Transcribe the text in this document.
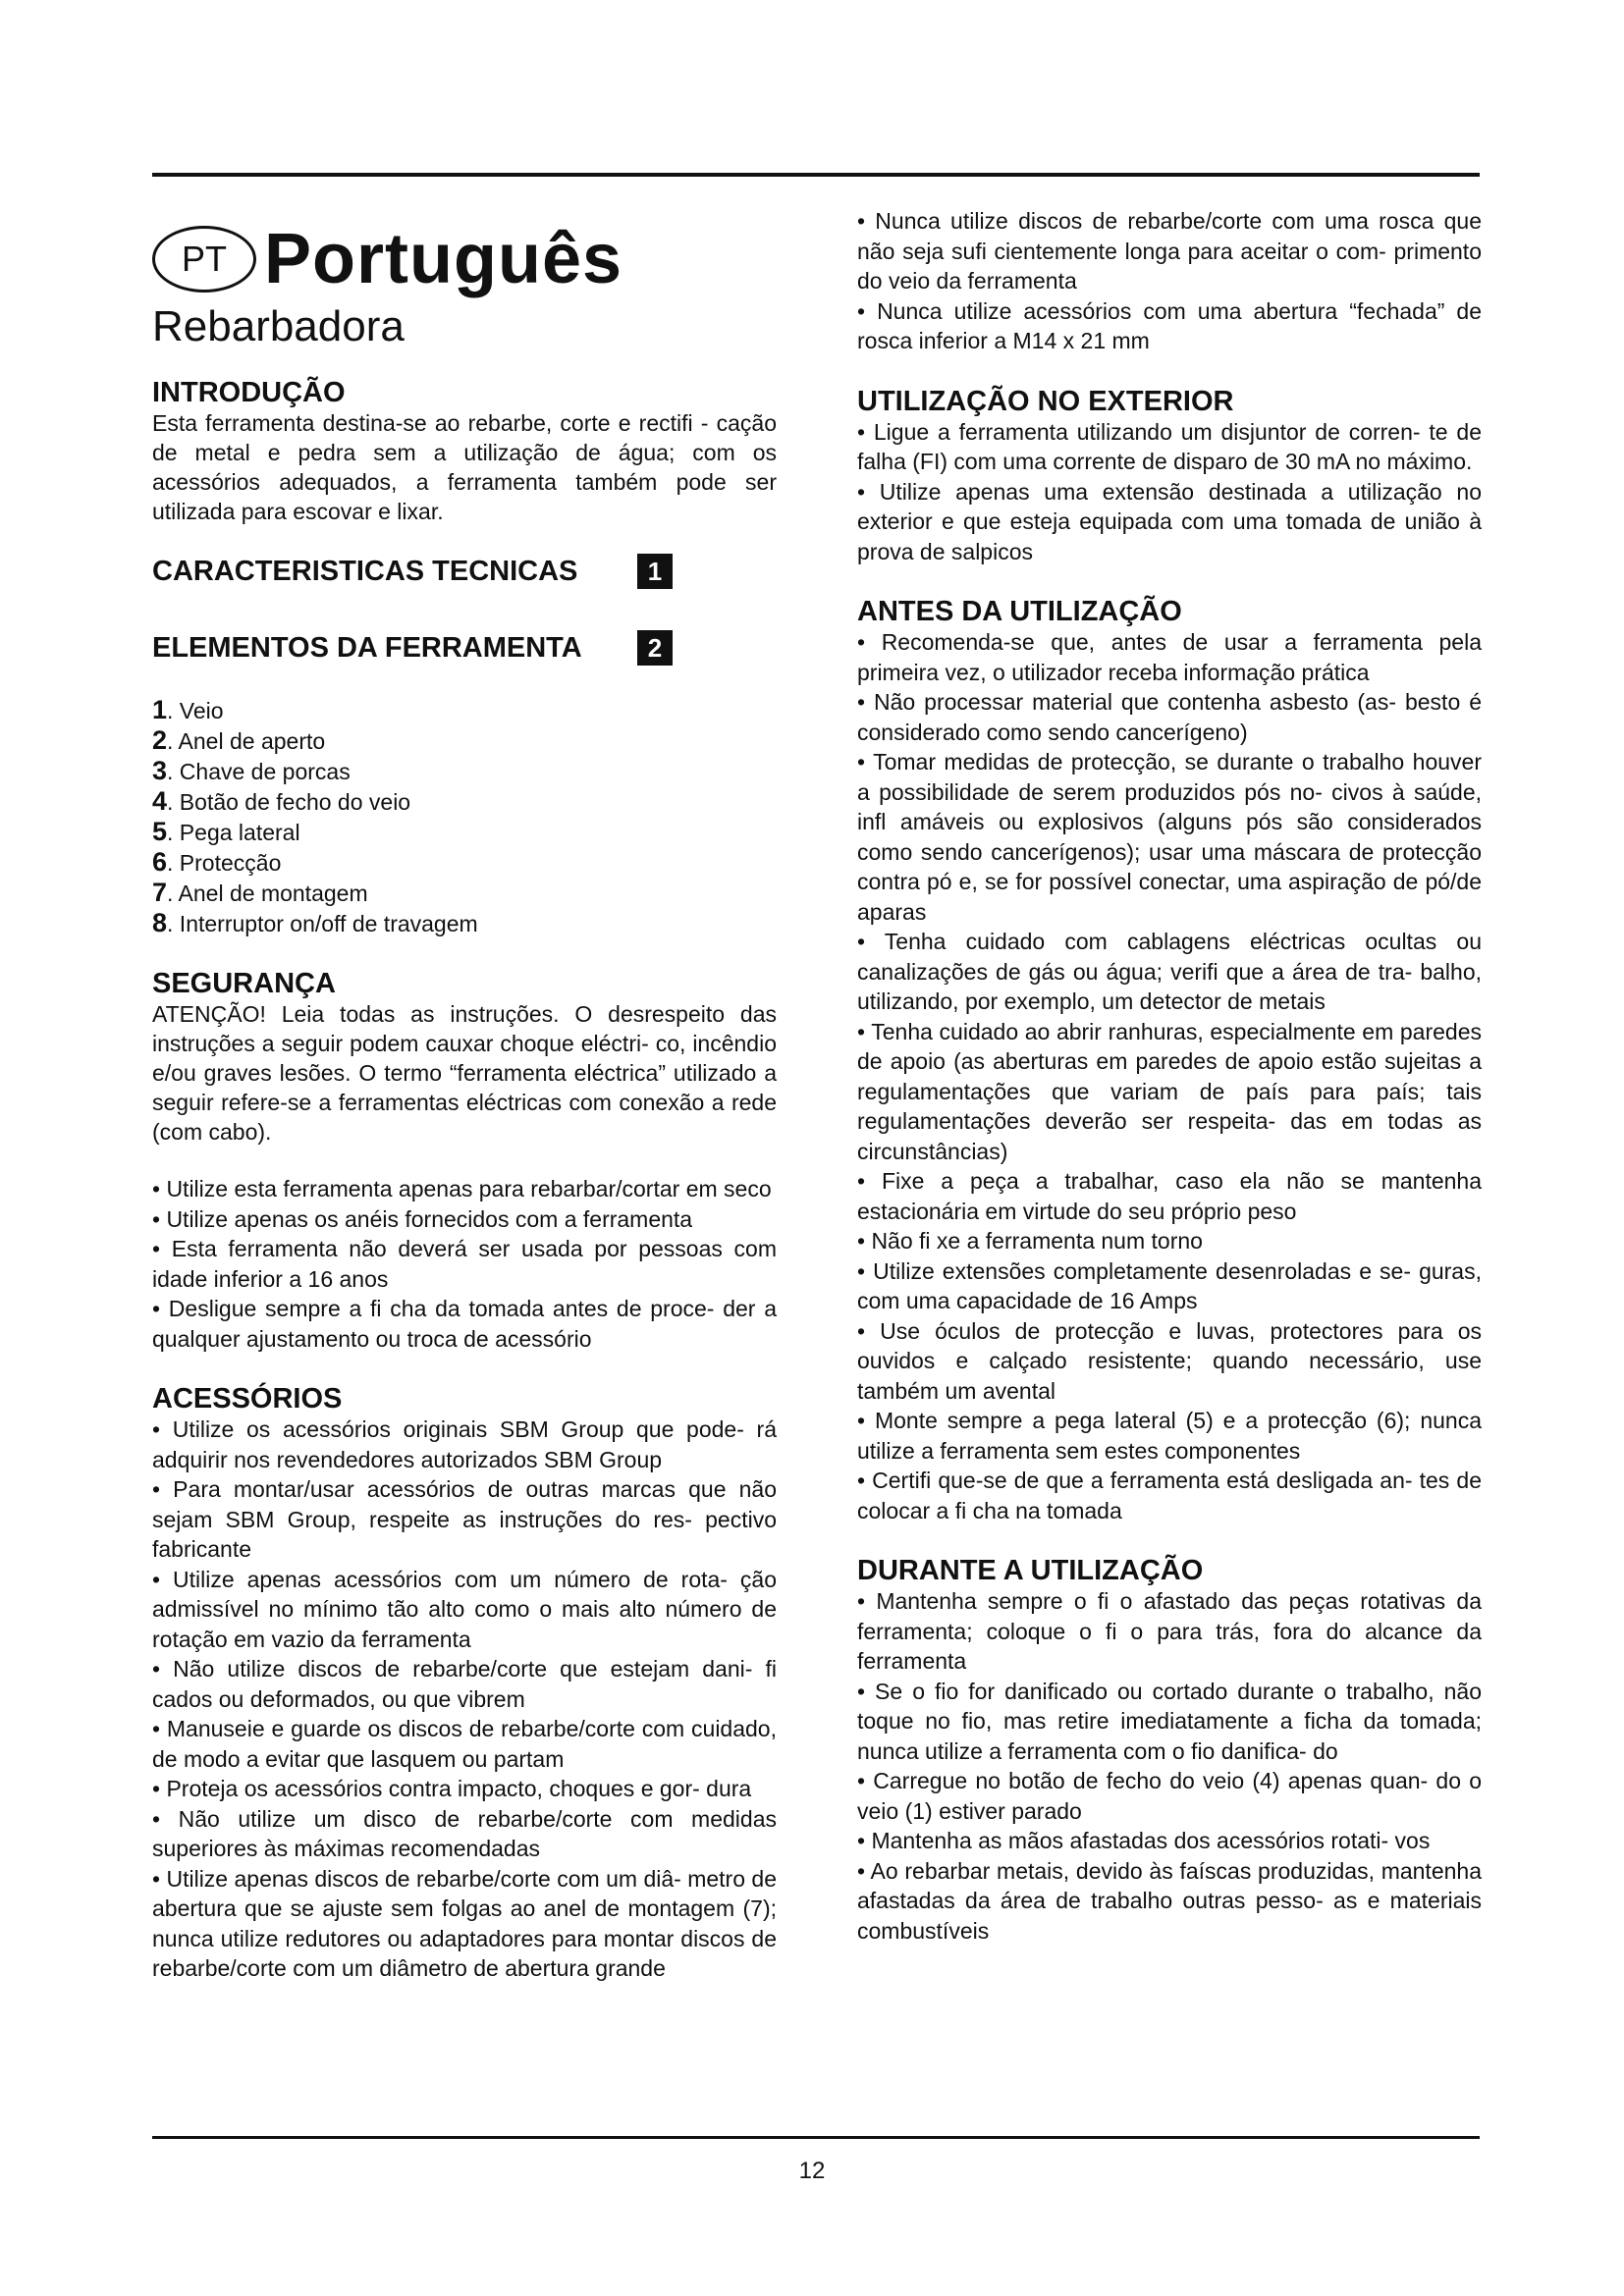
PT Português
Rebarbadora
INTRODUÇÃO

Esta ferramenta destina-se ao rebarbe, corte e rectifi - cação de metal e pedra sem a utilização de água; com os acessórios adequados, a ferramenta também pode ser utilizada para escovar e lixar.

CARACTERISTICAS TECNICAS	1
ELEMENTOS DA FERRAMENTA	2
1. Veio
2. Anel de aperto
3. Chave de porcas
4. Botão de fecho do veio
5. Pega lateral
6. Protecção
7. Anel de montagem
8. Interruptor on/off de travagem
SEGURANÇA

ATENÇÃO! Leia todas as instruções. O desrespeito das instruções a seguir podem cauxar choque eléctri- co, incêndio e/ou graves lesões. O termo “ferramenta eléctrica” utilizado a seguir refere-se a ferramentas eléctricas com conexão a rede (com cabo).

• Utilize esta ferramenta apenas para rebarbar/cortar em seco

• Utilize apenas os anéis fornecidos com a ferramenta

• Esta ferramenta não deverá ser usada por pessoas com idade inferior a 16 anos

• Desligue sempre a fi cha da tomada antes de proce- der a qualquer ajustamento ou troca de acessório

ACESSÓRIOS

• Utilize os acessórios originais SBM Group que pode- rá adquirir nos revendedores autorizados SBM Group

• Para montar/usar acessórios de outras marcas que não sejam SBM Group, respeite as instruções do res- pectivo fabricante

• Utilize apenas acessórios com um número de rota- ção admissível no mínimo tão alto como o mais alto número de rotação em vazio da ferramenta

• Não utilize discos de rebarbe/corte que estejam dani- fi cados ou deformados, ou que vibrem

• Manuseie e guarde os discos de rebarbe/corte com cuidado, de modo a evitar que lasquem ou partam

• Proteja os acessórios contra impacto, choques e gor- dura

• Não utilize um disco de rebarbe/corte com medidas superiores às máximas recomendadas

• Utilize apenas discos de rebarbe/corte com um diâ- metro de abertura que se ajuste sem folgas ao anel de montagem (7); nunca utilize redutores ou adaptadores para montar discos de rebarbe/corte com um diâmetro de abertura grande

• Nunca utilize discos de rebarbe/corte com uma rosca que não seja sufi cientemente longa para aceitar o com- primento do veio da ferramenta

• Nunca utilize acessórios com uma abertura “fechada” de rosca inferior a M14 x 21 mm

UTILIZAÇÃO NO EXTERIOR

• Ligue a ferramenta utilizando um disjuntor de corren- te de falha (FI) com uma corrente de disparo de 30 mA no máximo.

• Utilize apenas uma extensão destinada a utilização no exterior e que esteja equipada com uma tomada de união à prova de salpicos

ANTES DA UTILIZAÇÃO

• Recomenda-se que, antes de usar a ferramenta pela primeira vez, o utilizador receba informação prática

• Não processar material que contenha asbesto (as- besto é considerado como sendo cancerígeno)

• Tomar medidas de protecção, se durante o trabalho houver a possibilidade de serem produzidos pós no- civos à saúde, infl amáveis ou explosivos (alguns pós são considerados como sendo cancerígenos); usar uma máscara de protecção contra pó e, se for possível conectar, uma aspiração de pó/de aparas

• Tenha cuidado com cablagens eléctricas ocultas ou canalizações de gás ou água; verifi que a área de tra- balho, utilizando, por exemplo, um detector de metais

• Tenha cuidado ao abrir ranhuras, especialmente em paredes de apoio (as aberturas em paredes de apoio estão sujeitas a regulamentações que variam de país para país; tais regulamentações deverão ser respeita- das em todas as circunstâncias)

• Fixe a peça a trabalhar, caso ela não se mantenha estacionária em virtude do seu próprio peso

• Não fi xe a ferramenta num torno

• Utilize extensões completamente desenroladas e se- guras, com uma capacidade de 16 Amps

• Use óculos de protecção e luvas, protectores para os ouvidos e calçado resistente; quando necessário, use também um avental

• Monte sempre a pega lateral (5) e a protecção (6); nunca utilize a ferramenta sem estes componentes

• Certifi que-se de que a ferramenta está desligada an- tes de colocar a fi cha na tomada

DURANTE A UTILIZAÇÃO

• Mantenha sempre o fi o afastado das peças rotativas da ferramenta; coloque o fi o para trás, fora do alcance da ferramenta

• Se o fio for danificado ou cortado durante o trabalho, não toque no fio, mas retire imediatamente a ficha da tomada; nunca utilize a ferramenta com o fio danifica- do

• Carregue no botão de fecho do veio (4) apenas quan- do o veio (1) estiver parado

• Mantenha as mãos afastadas dos acessórios rotati- vos

• Ao rebarbar metais, devido às faíscas produzidas, mantenha afastadas da área de trabalho outras pesso- as e materiais combustíveis

12
